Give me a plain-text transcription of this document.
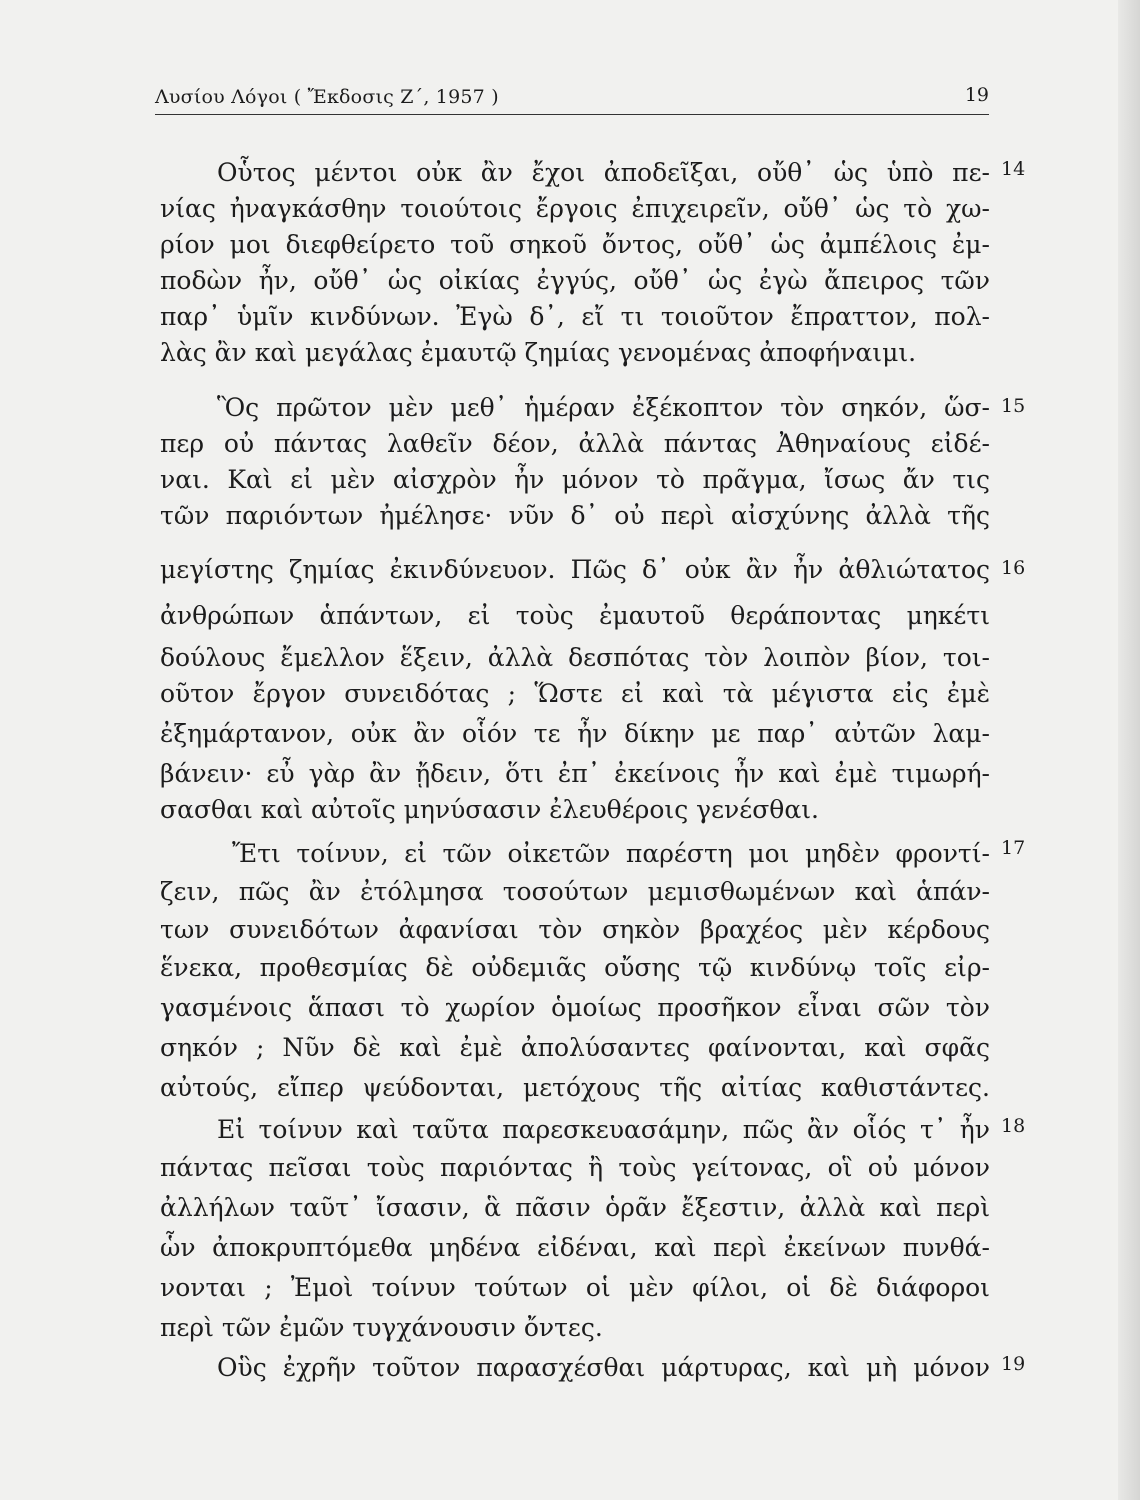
Λυσίου Λόγοι ( Ἔκδοσις Ζ΄, 1957 )	19
Οὗτος μέντοι οὐκ ἂν ἔχοι ἀποδεῖξαι, οὔθ᾽ ὡς ὑπὸ πε-
νίας ἠναγκάσθην τοιούτοις ἔργοις ἐπιχειρεῖν, οὔθ᾽ ὡς τὸ χω-
ρίον μοι διεφθείρετο τοῦ σηκοῦ ὄντος, οὔθ᾽ ὡς ἀμπέλοις ἐμ-
ποδὼν ἦν, οὔθ᾽ ὡς οἰκίας ἐγγύς, οὔθ᾽ ὡς ἐγὼ ἄπειρος τῶν
παρ᾽ ὑμῖν κινδύνων. Ἐγὼ δ᾽, εἴ τι τοιοῦτον ἔπραττον, πολ-
λὰς ἂν καὶ μεγάλας ἐμαυτῷ ζημίας γενομένας ἀποφήναιμι.
Ὃς πρῶτον μὲν μεθ᾽ ἡμέραν ἐξέκοπτον τὸν σηκόν, ὥσ-
περ οὐ πάντας λαθεῖν δέον, ἀλλὰ πάντας Ἀθηναίους εἰδέ-
ναι. Καὶ εἰ μὲν αἰσχρὸν ἦν μόνον τὸ πρᾶγμα, ἴσως ἄν τις
τῶν παριόντων ἠμέλησε· νῦν δ᾽ οὐ περὶ αἰσχύνης ἀλλὰ τῆς
μεγίστης ζημίας ἐκινδύνευον. Πῶς δ᾽ οὐκ ἂν ἦν ἀθλιώτατος
ἀνθρώπων ἁπάντων, εἰ τοὺς ἐμαυτοῦ θεράποντας μηκέτι
δούλους ἔμελλον ἕξειν, ἀλλὰ δεσπότας τὸν λοιπὸν βίον, τοι-
οῦτον ἔργον συνειδότας ; Ὥστε εἰ καὶ τὰ μέγιστα εἰς ἐμὲ
ἐξημάρτανον, οὐκ ἂν οἷόν τε ἦν δίκην με παρ᾽ αὐτῶν λαμ-
βάνειν· εὖ γὰρ ἂν ᾔδειν, ὅτι ἐπ᾽ ἐκείνοις ἦν καὶ ἐμὲ τιμωρή-
σασθαι καὶ αὐτοῖς μηνύσασιν ἐλευθέροις γενέσθαι.
Ἔτι τοίνυν, εἰ τῶν οἰκετῶν παρέστη μοι μηδὲν φροντί-
ζειν, πῶς ἂν ἐτόλμησα τοσούτων μεμισθωμένων καὶ ἁπάν-
των συνειδότων ἀφανίσαι τὸν σηκὸν βραχέος μὲν κέρδους
ἕνεκα, προθεσμίας δὲ οὐδεμιᾶς οὔσης τῷ κινδύνῳ τοῖς εἰρ-
γασμένοις ἅπασι τὸ χωρίον ὁμοίως προσῆκον εἶναι σῶν τὸν
σηκόν ; Νῦν δὲ καὶ ἐμὲ ἀπολύσαντες φαίνονται, καὶ σφᾶς
αὐτούς, εἴπερ ψεύδονται, μετόχους τῆς αἰτίας καθιστάντες.
Εἰ τοίνυν καὶ ταῦτα παρεσκευασάμην, πῶς ἂν οἷός τ᾽ ἦν
πάντας πεῖσαι τοὺς παριόντας ἢ τοὺς γείτονας, οἳ οὐ μόνον
ἀλλήλων ταῦτ᾽ ἴσασιν, ἃ πᾶσιν ὁρᾶν ἔξεστιν, ἀλλὰ καὶ περὶ
ὧν ἀποκρυπτόμεθα μηδένα εἰδέναι, καὶ περὶ ἐκείνων πυνθά-
νονται ; Ἐμοὶ τοίνυν τούτων οἱ μὲν φίλοι, οἱ δὲ διάφοροι
περὶ τῶν ἐμῶν τυγχάνουσιν ὄντες.
Οὓς ἐχρῆν τοῦτον παρασχέσθαι μάρτυρας, καὶ μὴ μόνον
14
15
16
17
18
19
